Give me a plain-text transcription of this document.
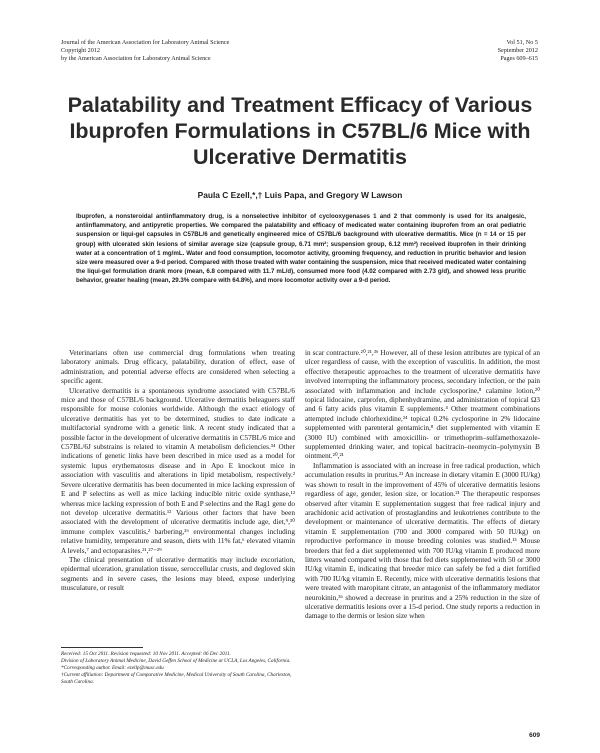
Journal of the American Association for Laboratory Animal Science
Copyright 2012
by the American Association for Laboratory Animal Science
Vol 51, No 5
September 2012
Pages 609–615
Palatability and Treatment Efficacy of Various
Ibuprofen Formulations in C57BL/6 Mice with
Ulcerative Dermatitis
Paula C Ezell,*,† Luis Papa, and Gregory W Lawson
Ibuprofen, a nonsteroidal antiinflammatory drug, is a nonselective inhibitor of cyclooxygenases 1 and 2 that commonly is used for its analgesic, antiinflammatory, and antipyretic properties. We compared the palatability and efficacy of medicated water containing ibuprofen from an oral pediatric suspension or liqui-gel capsules in C57BL/6 and genetically engineered mice of C57BL/6 background with ulcerative dermatitis. Mice (n = 14 or 15 per group) with ulcerated skin lesions of similar average size (capsule group, 6.71 mm²; suspension group, 6.12 mm²) received ibuprofen in their drinking water at a concentration of 1 mg/mL. Water and food consumption, locomotor activity, grooming frequency, and reduction in pruritic behavior and lesion size were measured over a 9-d period. Compared with those treated with water containing the suspension, mice that received medicated water containing the liqui-gel formulation drank more (mean, 6.8 compared with 11.7 mL/d), consumed more food (4.02 compared with 2.73 g/d), and showed less pruritic behavior, greater healing (mean, 29.3% compare with 64.8%), and more locomotor activity over a 9-d period.

Veterinarians often use commercial drug formulations when treating laboratory animals. Drug efficacy, palatability, duration of effect, ease of administration, and potential adverse effects are considered when selecting a specific agent.

Ulcerative dermatitis is a spontaneous syndrome associated with C57BL/6 mice and those of C57BL/6 background. Ulcerative dermatitis beleaguers staff responsible for mouse colonies worldwide. Although the exact etiology of ulcerative dermatitis has yet to be determined, studies to date indicate a multifactorial syndrome with a genetic link. A recent study indicated that a possible factor in the development of ulcerative dermatitis in C57BL/6 mice and C57BL/6J substrains is related to vitamin A metabolism deficiencies.³⁴ Other indications of genetic links have been described in mice used as a model for systemic lupus erythematosus disease and in Apo E knockout mice in association with vasculitis and alterations in lipid metabolism, respectively.² Severe ulcerative dermatitis has been documented in mice lacking expression of E and P selectins as well as mice lacking inducible nitric oxide synthase,¹² whereas mice lacking expression of both E and P selectins and the Rag1 gene do not develop ulcerative dermatitis.¹² Various other factors that have been associated with the development of ulcerative dermatitis include age, diet,⁹,³⁰ immune complex vasculitis,² barbering,²⁶ environmental changes including relative humidity, temperature and season, diets with 11% fat,⁶ elevated vitamin A levels,⁷ and ectoparasites.²¹,²⁷⁻²⁹

The clinical presentation of ulcerative dermatitis may include excoriation, epidermal ulceration, granulation tissue, seroccellular crusts, and degloved skin segments and in severe cases, the lesions may bleed, expose underlying musculature, or result

in scar contracture.²⁰,²¹,³⁶ However, all of these lesion attributes are typical of an ulcer regardless of cause, with the exception of vasculitis. In addition, the most effective therapeutic approaches to the treatment of ulcerative dermatitis have involved interrupting the inflammatory process, secondary infection, or the pain associated with inflammation and include cyclosporine,⁸ calamine lotion,²⁰ topical lidocaine, carprofen, diphenhydramine, and administration of topical Ω3 and 6 fatty acids plus vitamin E supplements.⁴ Other treatment combinations attempted include chlorhexidine,²⁴ topical 0.2% cyclosporine in 2% lidocaine supplemented with parenteral gentamicin,⁸ diet supplemented with vitamin E (3000 IU) combined with amoxicillin- or trimethoprim–sulfamethoxazole-supplemented drinking water, and topical bacitracin–neomycin–polymyxin B ointment.²⁰,²¹

Inflammation is associated with an increase in free radical production, which accumulation results in pruritus.²¹ An increase in dietary vitamin E (3000 IU/kg) was shown to result in the improvement of 45% of ulcerative dermatitis lesions regardless of age, gender, lesion size, or location.²¹ The therapeutic responses observed after vitamin E supplementation suggest that free radical injury and arachidonic acid activation of prostaglandins and leukotrienes contribute to the development or maintenance of ulcerative dermatitis. The effects of dietary vitamin E supplementation (700 and 3000 compared with 50 IU/kg) on reproductive performance in mouse breeding colonies was studied.¹³ Mouse breeders that fed a diet supplemented with 700 IU/kg vitamin E produced more litters weaned compared with those that fed diets supplemented with 50 or 3000 IU/kg vitamin E, indicating that breeder mice can safely be fed a diet fortified with 700 IU/kg vitamin E. Recently, mice with ulcerative dermatitis lesions that were treated with maropitant citrate, an antagonist of the inflammatory mediator neurokinin,³⁶ showed a decrease in pruritus and a 25% reduction in the size of ulcerative dermatitis lesions over a 15-d period. One study reports a reduction in damage to the dermis or lesion size when

Received: 15 Oct 2011. Revision requested: 10 Nov 2011. Accepted: 06 Dec 2011.

Division of Laboratory Animal Medicine, David Geffen School of Medicine at UCLA, Los Angeles, California.

*Corresponding author. Email: ezellp@musc.edu

†Current affiliation: Department of Comparative Medicine, Medical University of South Carolina, Charleston, South Carolina.

609
